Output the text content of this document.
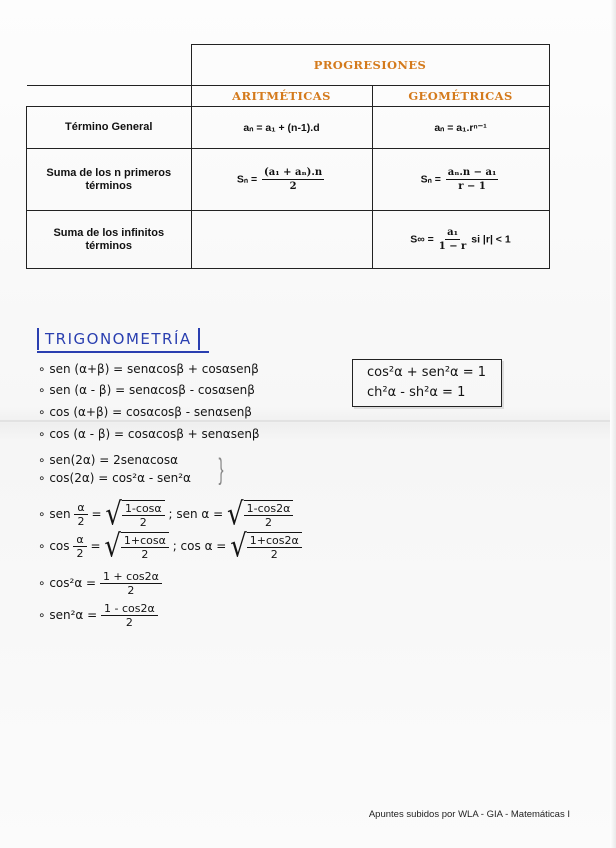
	PROGRESIONES	
	ARITMÉTICAS	GEOMÉTRICAS
Término General	aₙ = a₁ + (n-1).d	aₙ = a₁.rⁿ⁻¹
Suma de los n primeros términos	$S_n = \frac{\text{(a₁ + aₙ).n}}{2}$	$S_n = \frac{\text{aₙ.n − a₁}}{r - 1}$

Suma de los infinitos términos		$S\infty = \frac{\text{a₁}}{1 - r}$ si |r| < 1
TRIGONOMETRÍA
∘ sen (α+β) = senαcosβ + cosαsenβ
∘ sen (α - β) = senαcosβ - cosαsenβ
∘ cos (α+β) = cosαcosβ - senαsenβ
∘ cos (α - β) = cosαcosβ + senαsenβ
∘ sen(2α) = 2senαcosα
∘ cos(2α) = cos²α - sen²α }
∘ sen $\frac{\alpha}{2}$ = √ $\frac{1-\cos\alpha}{2}$ ; sen α = √ $\frac{1-\cos 2\alpha}{2}$
∘ $\cos \frac{\alpha}{2}$ = √ $\frac{1+\cos\alpha}{2}$ ; cos α = √ $\frac{1+\cos 2\alpha}{2}$
∘ $\cos^2\alpha = \frac{1 + \cos 2\alpha}{2}$
∘ $sen^2\alpha = \frac{1 - \cos 2\alpha}{2}$
cos²α + sen²α = 1
ch²α - sh²α = 1
Apuntes subidos por WLA - GIA - Matemáticas I
